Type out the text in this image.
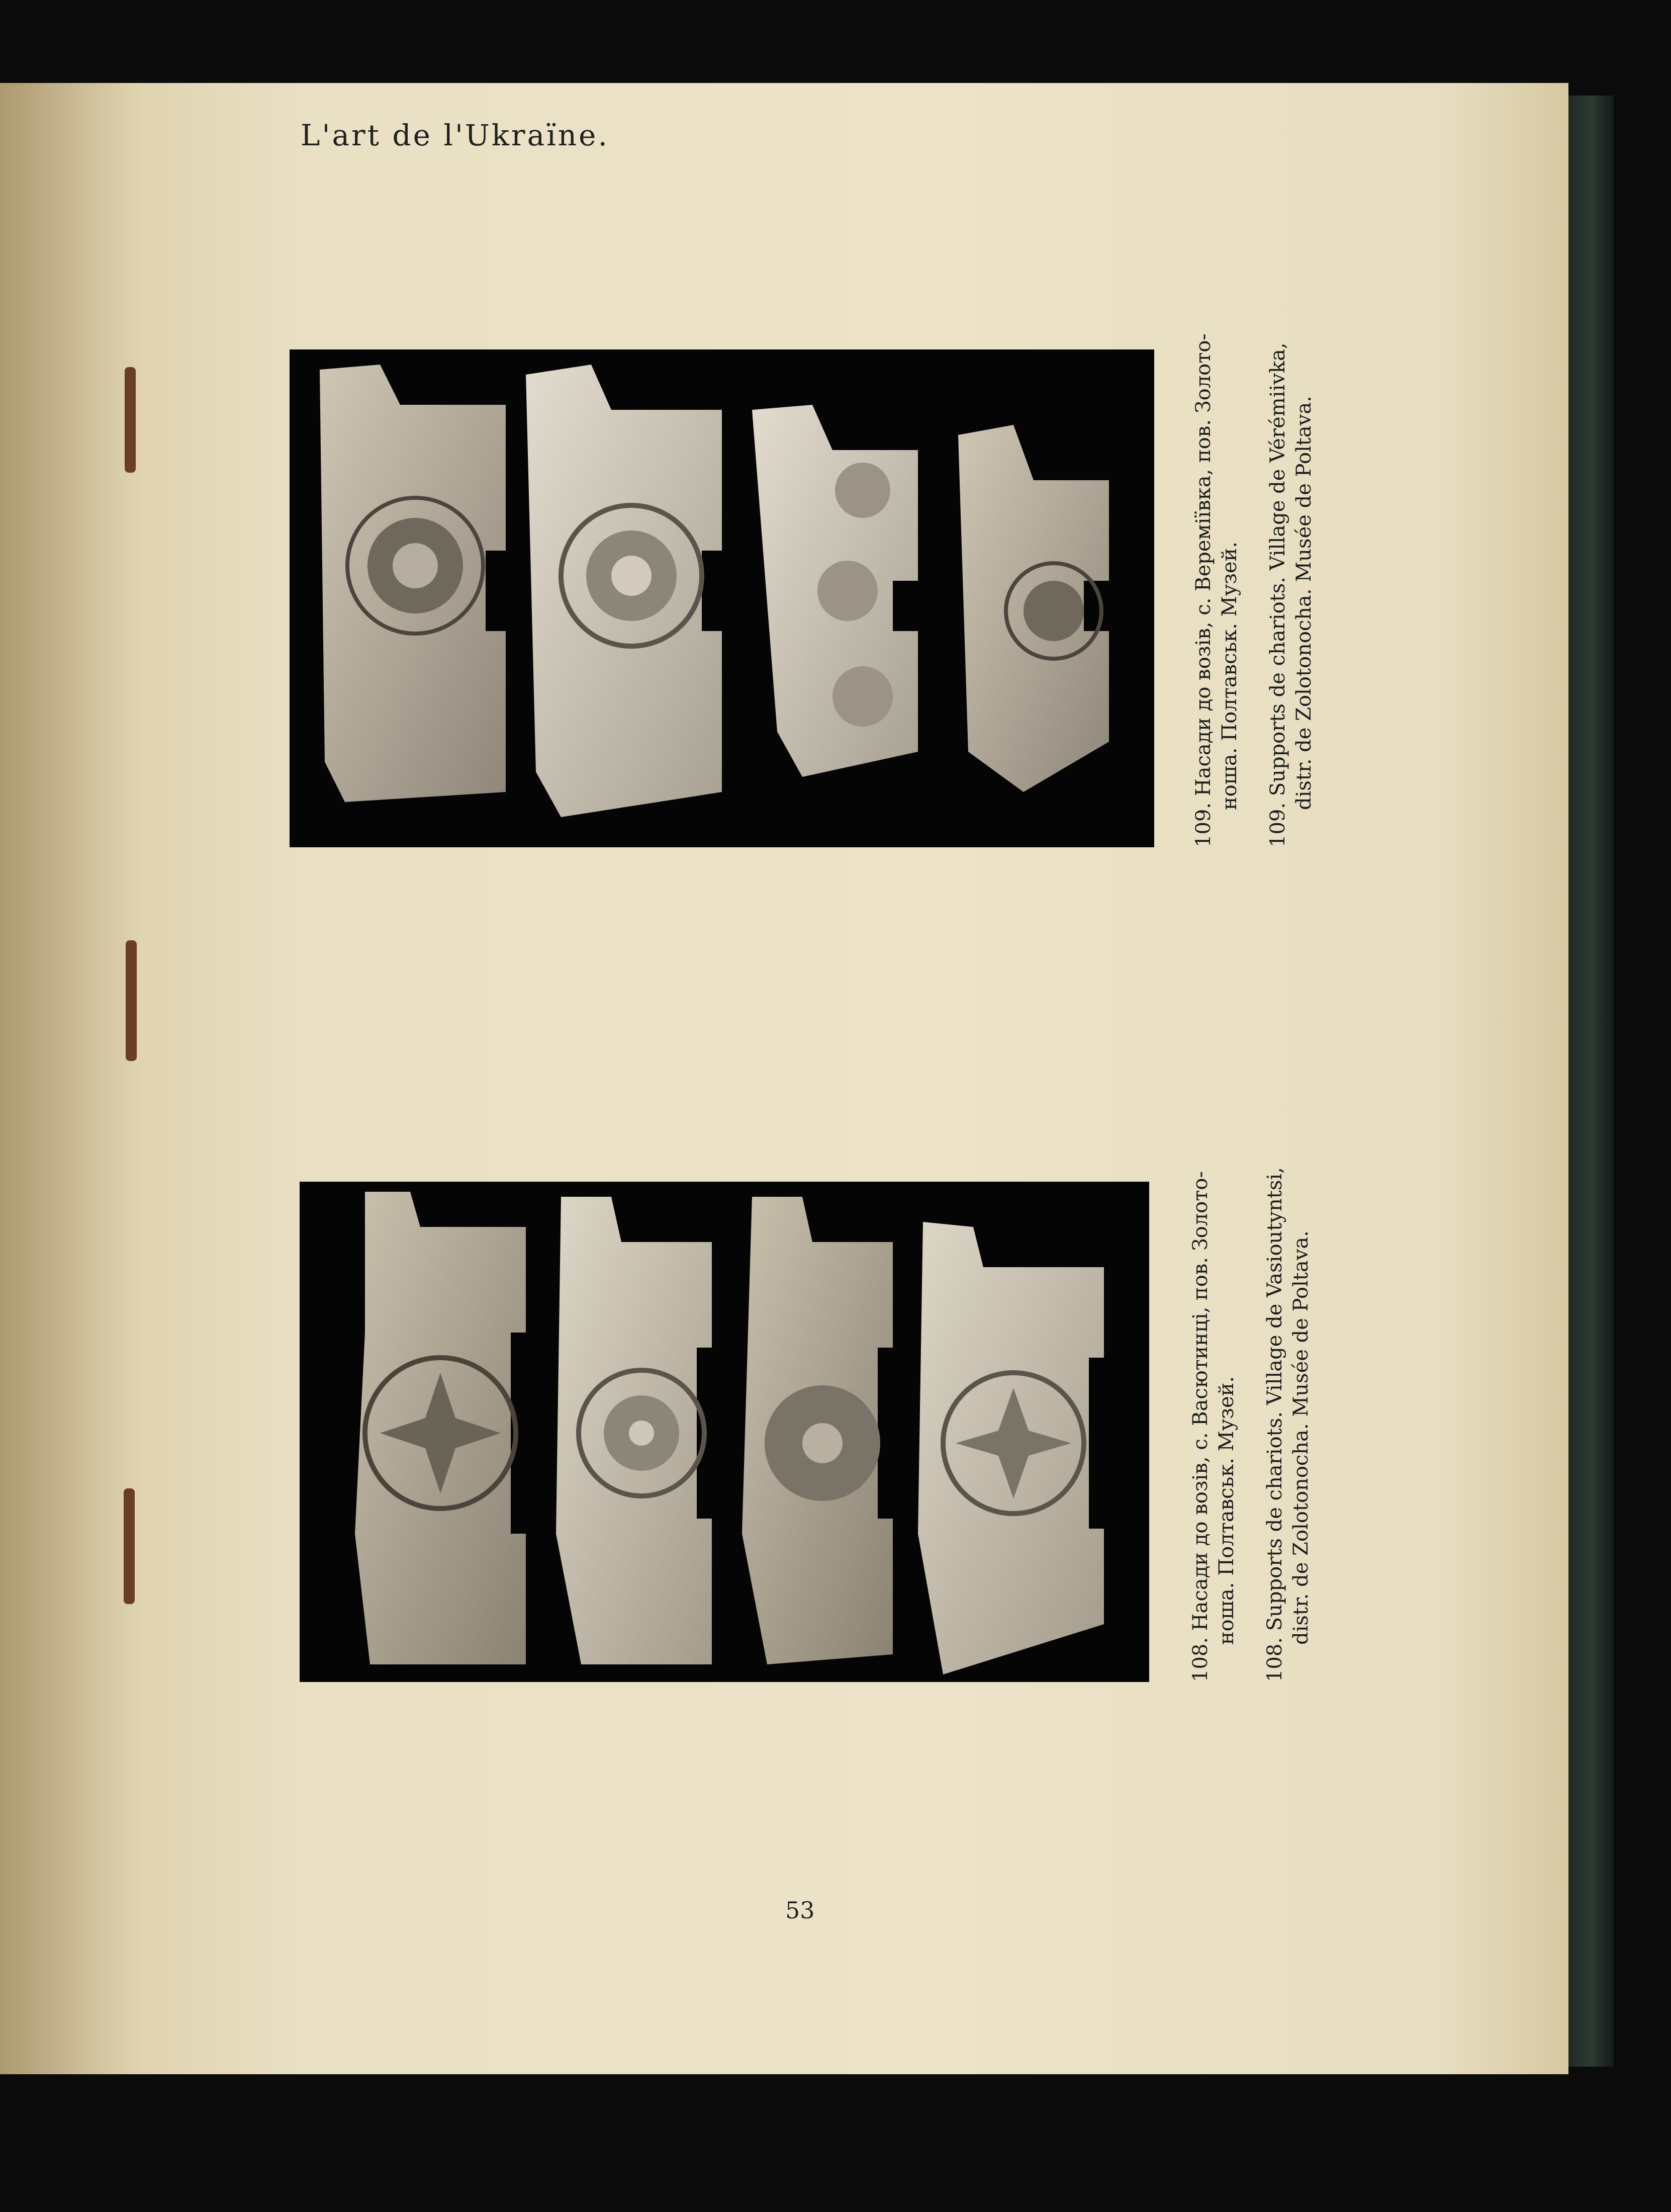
L'art de l'Ukraïne.

109. Насади до возів, с. Веремiївка, пов. Золото- ноша. Полтавськ. Музей. 109. Supports de chariots. Village de Vérémiivka, distr. de Zolotonocha. Musée de Poltava.

108. Насади до возів, с. Васютинцi, пов. Золото- ноша. Полтавськ. Музей. 108. Supports de chariots. Village de Vasioutyntsi, distr. de Zolotonocha. Musée de Poltava.

53
